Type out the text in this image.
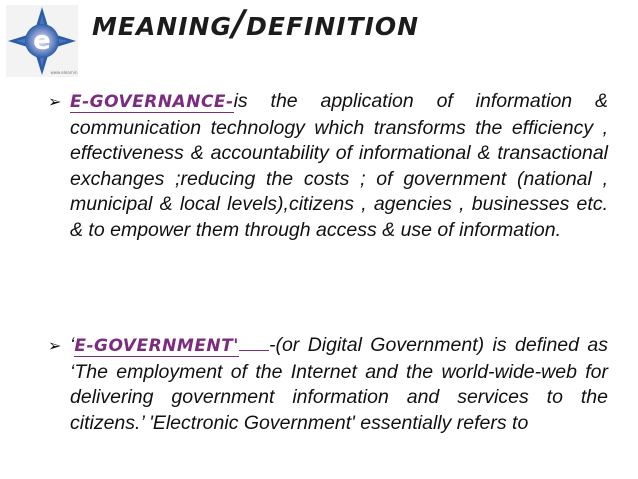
e
www.elearnin
meaning/definition

➢ E-GOVERNANCE-is the application of information & communication technology which transforms the efficiency , effectiveness & accountability of informational & transactional exchanges ;reducing the costs ; of government (national , municipal & local levels),citizens , agencies , businesses etc. & to empower them through access & use of information.

➢ ‘E-GOVERNMENT' -(or Digital Government) is defined as ‘The employment of the Internet and the world-wide-web for delivering government information and services to the citizens.’ 'Electronic Government' essentially refers to
